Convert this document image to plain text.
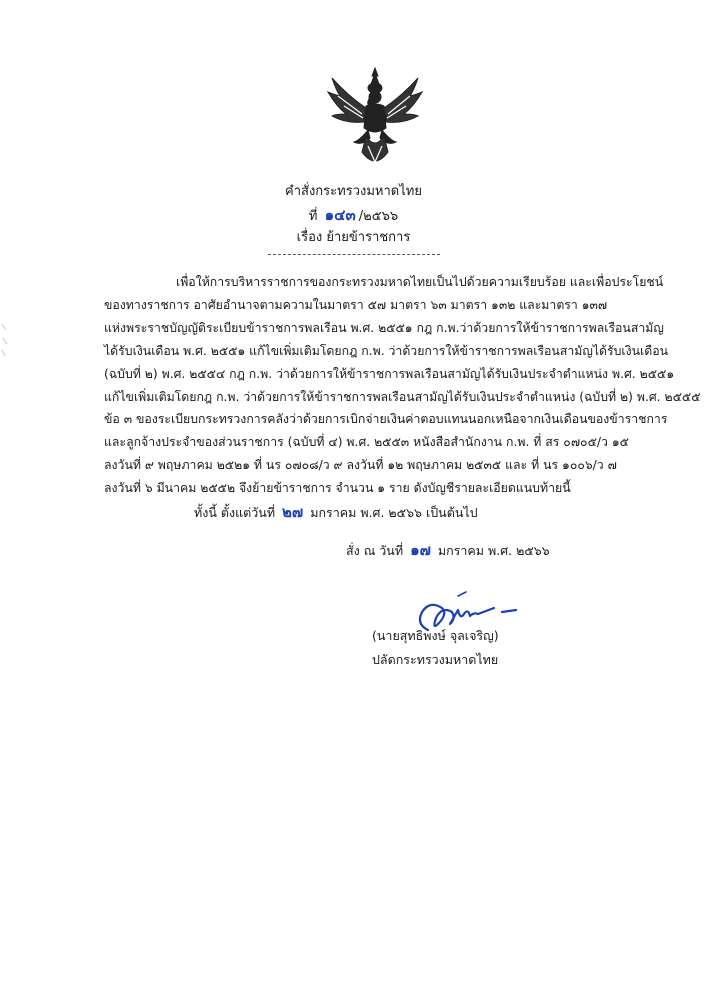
คำสั่งกระทรวงมหาดไทย
ที่ ๑๔๓ /๒๕๖๖
เรื่อง ย้ายข้าราชการ
เพื่อให้การบริหารราชการของกระทรวงมหาดไทยเป็นไปด้วยความเรียบร้อย และเพื่อประโยชน์
ของทางราชการ อาศัยอำนาจตามความในมาตรา ๕๗ มาตรา ๖๓ มาตรา ๑๓๒ และมาตรา ๑๓๗
แห่งพระราชบัญญัติระเบียบข้าราชการพลเรือน พ.ศ. ๒๕๕๑ กฎ ก.พ.ว่าด้วยการให้ข้าราชการพลเรือนสามัญ
ได้รับเงินเดือน พ.ศ. ๒๕๕๑ แก้ไขเพิ่มเติมโดยกฎ ก.พ. ว่าด้วยการให้ข้าราชการพลเรือนสามัญได้รับเงินเดือน
(ฉบับที่ ๒) พ.ศ. ๒๕๕๔ กฎ ก.พ. ว่าด้วยการให้ข้าราชการพลเรือนสามัญได้รับเงินประจำตำแหน่ง พ.ศ. ๒๕๕๑
แก้ไขเพิ่มเติมโดยกฎ ก.พ. ว่าด้วยการให้ข้าราชการพลเรือนสามัญได้รับเงินประจำตำแหน่ง (ฉบับที่ ๒) พ.ศ. ๒๕๕๕
ข้อ ๓ ของระเบียบกระทรวงการคลังว่าด้วยการเบิกจ่ายเงินค่าตอบแทนนอกเหนือจากเงินเดือนของข้าราชการ
และลูกจ้างประจำของส่วนราชการ (ฉบับที่ ๔) พ.ศ. ๒๕๕๓ หนังสือสำนักงาน ก.พ. ที่ สร ๐๗๐๕/ว ๑๕
ลงวันที่ ๙ พฤษภาคม ๒๕๒๑ ที่ นร ๐๗๐๘/ว ๙ ลงวันที่ ๑๒ พฤษภาคม ๒๕๓๕ และ ที่ นร ๑๐๐๖/ว ๗
ลงวันที่ ๖ มีนาคม ๒๕๕๒ จึงย้ายข้าราชการ จำนวน ๑ ราย ดังบัญชีรายละเอียดแนบท้ายนี้
ทั้งนี้ ตั้งแต่วันที่ ๒๗ มกราคม พ.ศ. ๒๕๖๖ เป็นต้นไป
สั่ง ณ วันที่ ๑๗ มกราคม พ.ศ. ๒๕๖๖
(นายสุทธิพงษ์ จุลเจริญ)
ปลัดกระทรวงมหาดไทย
